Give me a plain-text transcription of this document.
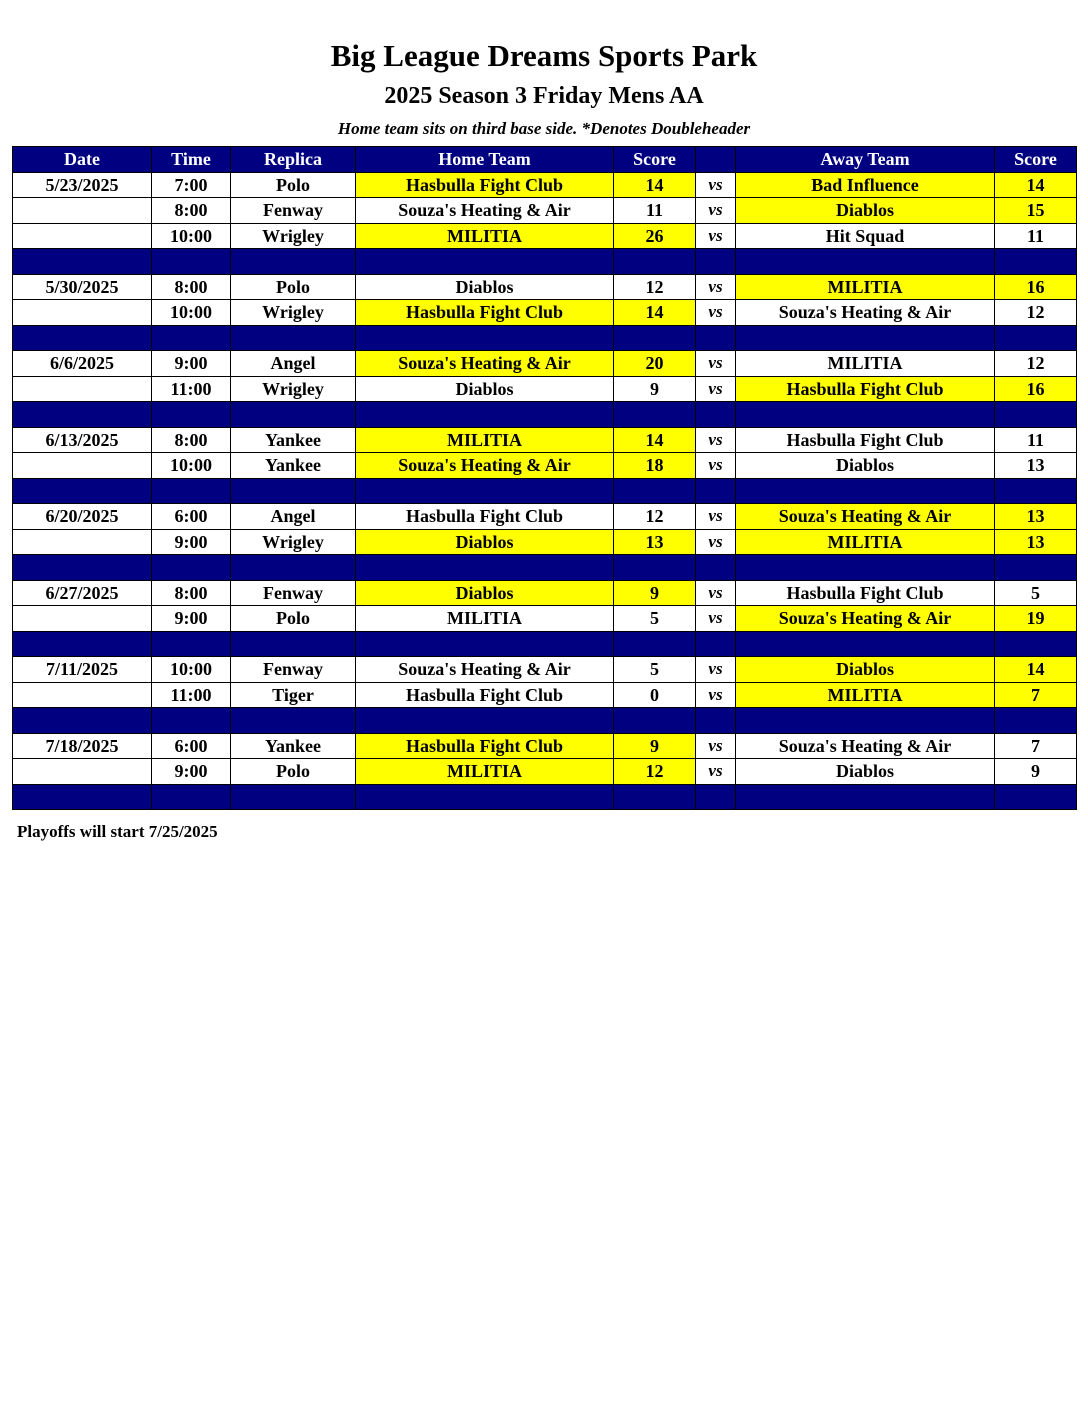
Big League Dreams Sports Park
2025 Season 3 Friday Mens AA
Home team sits on third base side. *Denotes Doubleheader
Date	Time	Replica	Home Team	Score		Away Team	Score
5/23/2025	7:00	Polo	Hasbulla Fight Club	14	vs	Bad Influence	14
	8:00	Fenway	Souza's Heating & Air	11	vs	Diablos	15
	10:00	Wrigley	MILITIA	26	vs	Hit Squad	11

5/30/2025	8:00	Polo	Diablos	12	vs	MILITIA	16
	10:00	Wrigley	Hasbulla Fight Club	14	vs	Souza's Heating & Air	12

6/6/2025	9:00	Angel	Souza's Heating & Air	20	vs	MILITIA	12
	11:00	Wrigley	Diablos	9	vs	Hasbulla Fight Club	16

6/13/2025	8:00	Yankee	MILITIA	14	vs	Hasbulla Fight Club	11
	10:00	Yankee	Souza's Heating & Air	18	vs	Diablos	13

6/20/2025	6:00	Angel	Hasbulla Fight Club	12	vs	Souza's Heating & Air	13
	9:00	Wrigley	Diablos	13	vs	MILITIA	13

6/27/2025	8:00	Fenway	Diablos	9	vs	Hasbulla Fight Club	5
	9:00	Polo	MILITIA	5	vs	Souza's Heating & Air	19

7/11/2025	10:00	Fenway	Souza's Heating & Air	5	vs	Diablos	14
	11:00	Tiger	Hasbulla Fight Club	0	vs	MILITIA	7

7/18/2025	6:00	Yankee	Hasbulla Fight Club	9	vs	Souza's Heating & Air	7
	9:00	Polo	MILITIA	12	vs	Diablos	9

Playoffs will start 7/25/2025
